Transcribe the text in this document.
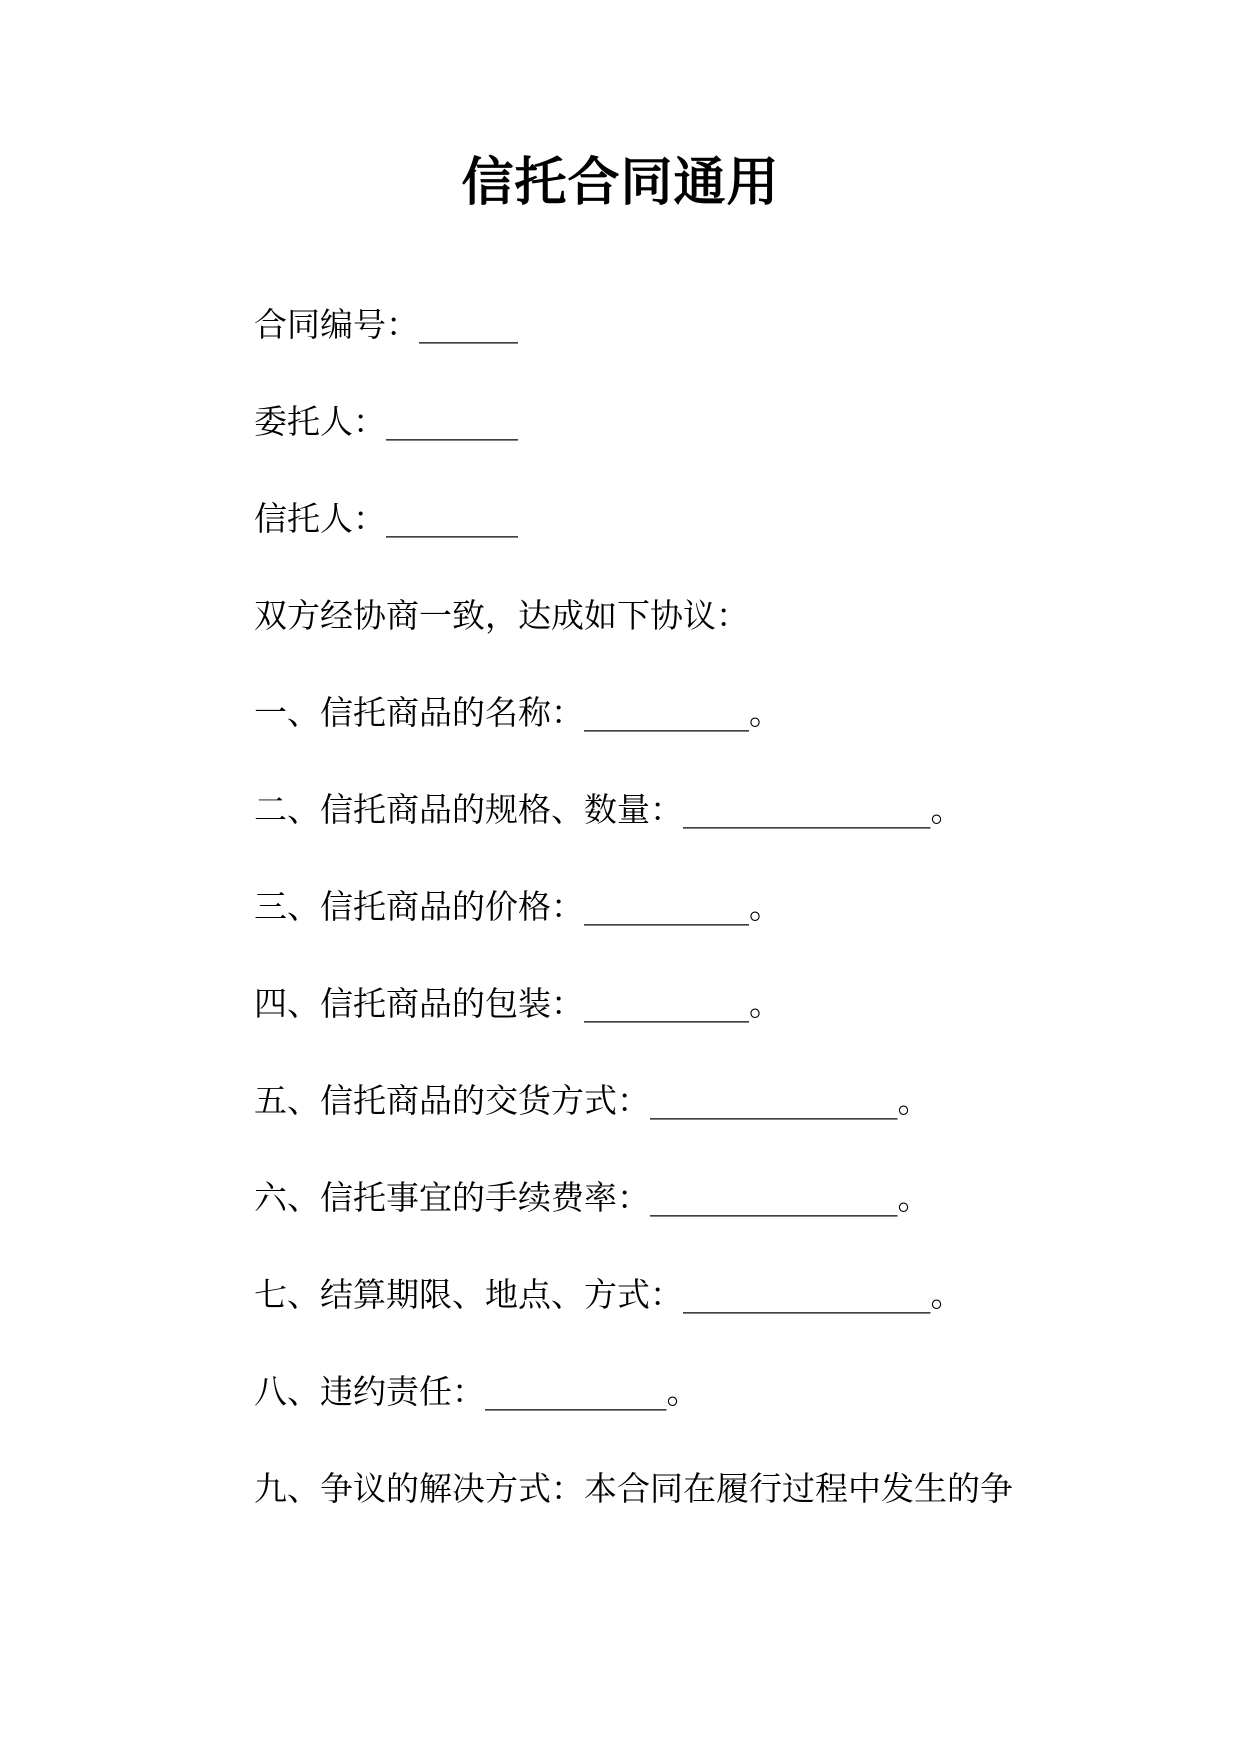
信托合同通用

合同编号：______

委托人：________

信托人：________

双方经协商一致，达成如下协议：

一、信托商品的名称：__________。

二、信托商品的规格、数量：_______________。

三、信托商品的价格：__________。

四、信托商品的包装：__________。

五、信托商品的交货方式：_______________。

六、信托事宜的手续费率：_______________。

七、结算期限、地点、方式：_______________。

八、违约责任：___________。

九、争议的解决方式：本合同在履行过程中发生的争
